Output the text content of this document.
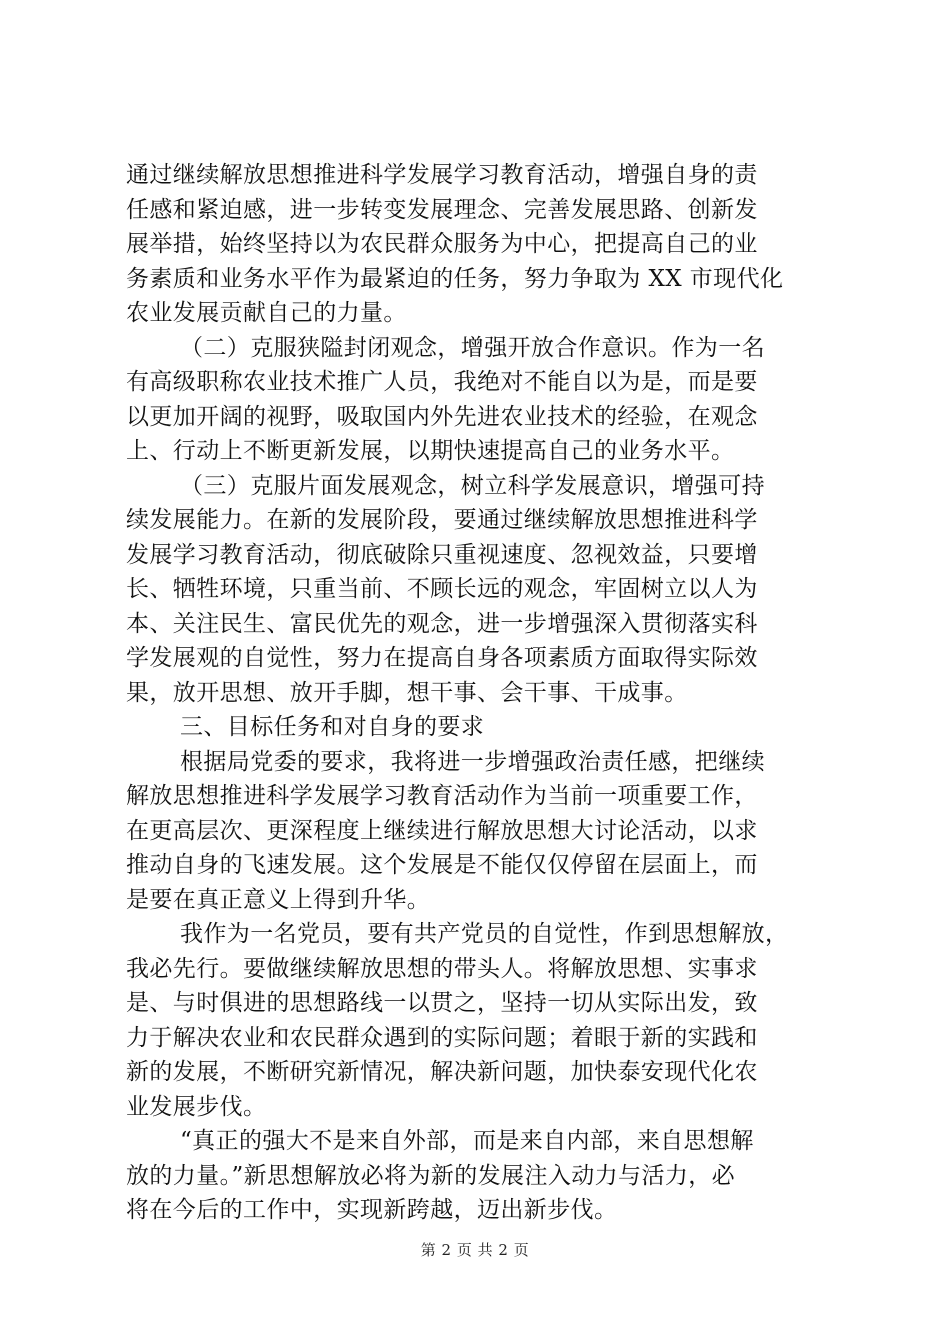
通过继续解放思想推进科学发展学习教育活动，增强自身的责
任感和紧迫感，进一步转变发展理念、完善发展思路、创新发
展举措，始终坚持以为农民群众服务为中心，把提高自己的业
务素质和业务水平作为最紧迫的任务，努力争取为 XX 市现代化
农业发展贡献自己的力量。
（二）克服狭隘封闭观念，增强开放合作意识。作为一名
有高级职称农业技术推广人员，我绝对不能自以为是，而是要
以更加开阔的视野，吸取国内外先进农业技术的经验，在观念
上、行动上不断更新发展，以期快速提高自己的业务水平。
（三）克服片面发展观念，树立科学发展意识，增强可持
续发展能力。在新的发展阶段，要通过继续解放思想推进科学
发展学习教育活动，彻底破除只重视速度、忽视效益，只要增
长、牺牲环境，只重当前、不顾长远的观念，牢固树立以人为
本、关注民生、富民优先的观念，进一步增强深入贯彻落实科
学发展观的自觉性，努力在提高自身各项素质方面取得实际效
果，放开思想、放开手脚，想干事、会干事、干成事。
三、目标任务和对自身的要求
根据局党委的要求，我将进一步增强政治责任感，把继续
解放思想推进科学发展学习教育活动作为当前一项重要工作，
在更高层次、更深程度上继续进行解放思想大讨论活动，以求
推动自身的飞速发展。这个发展是不能仅仅停留在层面上，而
是要在真正意义上得到升华。
我作为一名党员，要有共产党员的自觉性，作到思想解放，
我必先行。要做继续解放思想的带头人。将解放思想、实事求
是、与时俱进的思想路线一以贯之，坚持一切从实际出发，致
力于解决农业和农民群众遇到的实际问题；着眼于新的实践和
新的发展，不断研究新情况，解决新问题，加快泰安现代化农
业发展步伐。
“真正的强大不是来自外部，而是来自内部，来自思想解
放的力量。”新思想解放必将为新的发展注入动力与活力，必
将在今后的工作中，实现新跨越，迈出新步伐。
第 2 页 共 2 页
